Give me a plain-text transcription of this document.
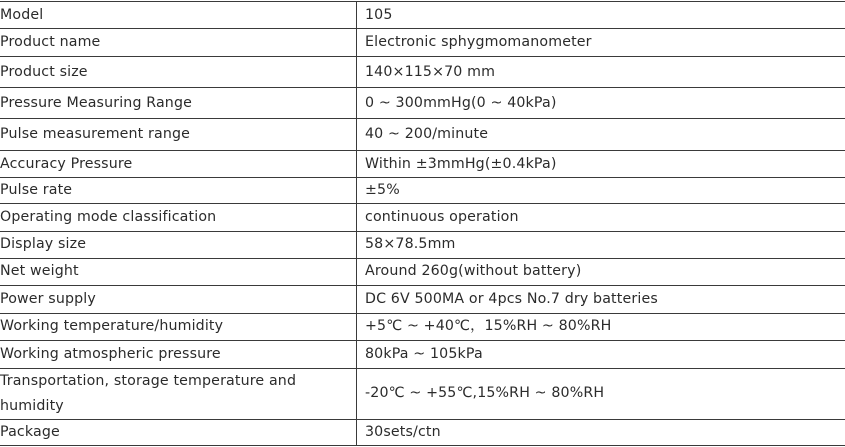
Model	105
Product name	Electronic sphygmomanometer
Product size	140×115×70 mm
Pressure Measuring Range	0 ~ 300mmHg(0 ~ 40kPa)
Pulse measurement range	40 ~ 200/minute
Accuracy Pressure	Within ±3mmHg(±0.4kPa)
Pulse rate	±5%
Operating mode classification	continuous operation
Display size	58×78.5mm
Net weight	Around 260g(without battery)
Power supply	DC 6V 500MA or 4pcs No.7 dry batteries
Working temperature/humidity	+5℃ ~ +40℃，15%RH ~ 80%RH
Working atmospheric pressure	80kPa ~ 105kPa
Transportation, storage temperature and humidity	-20℃ ~ +55℃,15%RH ~ 80%RH
Package	30sets/ctn
